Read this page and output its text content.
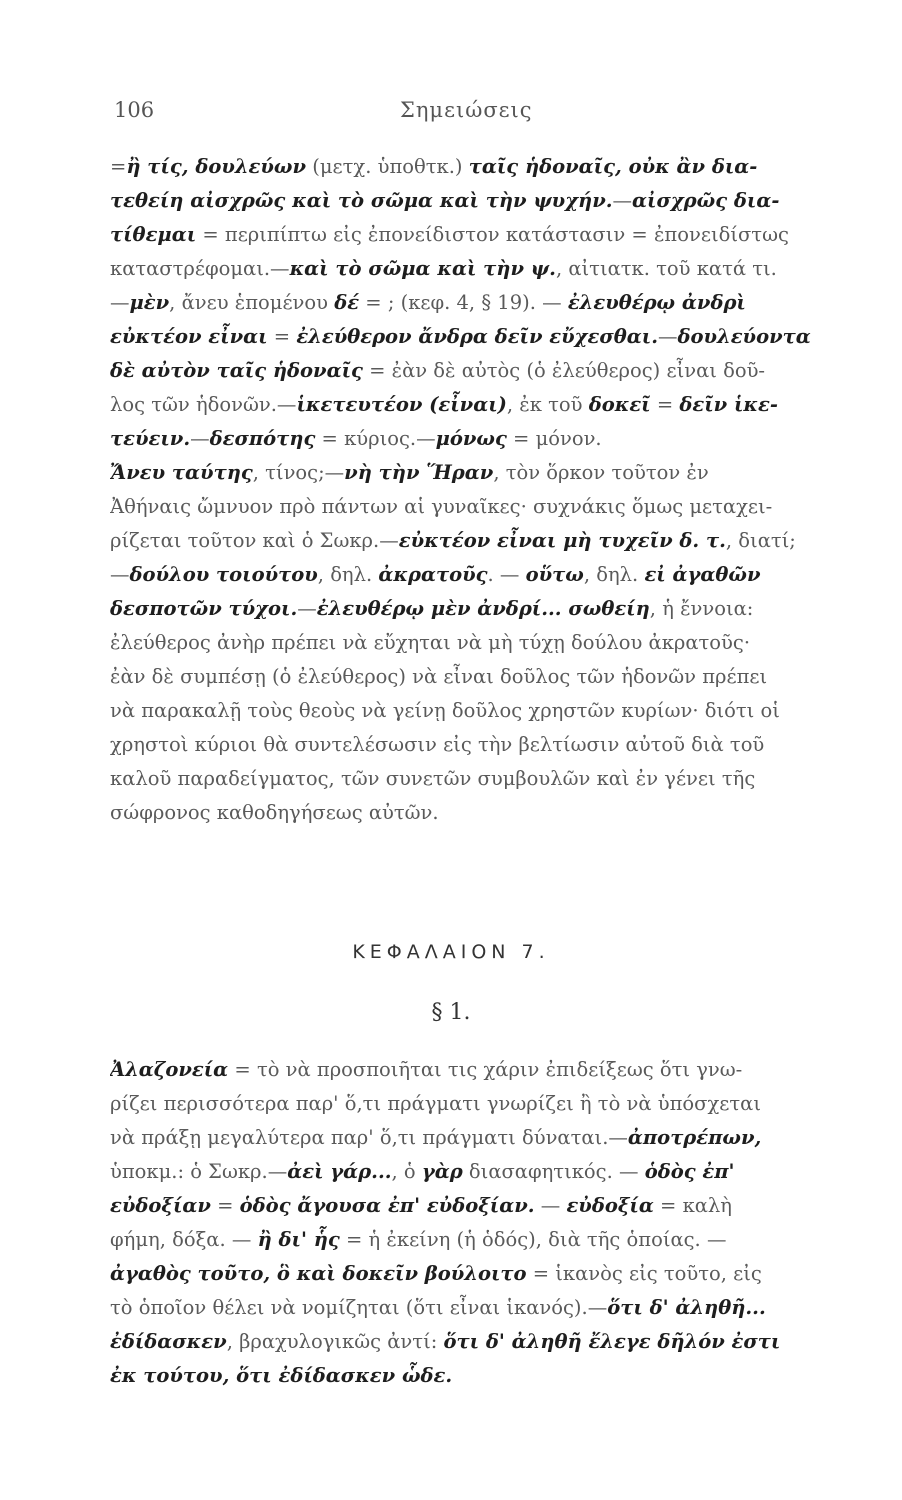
106	Σημειώσεις
=ἢ τίς, δουλεύων (μετχ. ὑποθτκ.) ταῖς ἡδοναῖς, οὐκ ἂν δια-
τεθείη αἰσχρῶς καὶ τὸ σῶμα καὶ τὴν ψυχήν.—αἰσχρῶς δια-
τίθεμαι = περιπίπτω εἰς ἐπονείδιστον κατάστασιν = ἐπονειδίστως
καταστρέφομαι.—καὶ τὸ σῶμα καὶ τὴν ψ., αἰτιατκ. τοῦ κατά τι.
—μὲν, ἄνευ ἑπομένου δέ = ; (κεφ. 4, § 19). — ἐλευθέρῳ ἀνδρὶ
εὐκτέον εἶναι = ἐλεύθερον ἄνδρα δεῖν εὔχεσθαι.—δουλεύοντα
δὲ αὐτὸν ταῖς ἡδοναῖς = ἐὰν δὲ αὐτὸς (ὁ ἐλεύθερος) εἶναι δοῦ-
λος τῶν ἡδονῶν.—ἱκετευτέον (εἶναι), ἐκ τοῦ δοκεῖ = δεῖν ἱκε-
τεύειν.—δεσπότης = κύριος.—μόνως = μόνον.
Ἄνευ ταύτης, τίνος;—νὴ τὴν Ἥραν, τὸν ὅρκον τοῦτον ἐν
Ἀθήναις ὤμνυον πρὸ πάντων αἱ γυναῖκες· συχνάκις ὅμως μεταχει-
ρίζεται τοῦτον καὶ ὁ Σωκρ.—εὐκτέον εἶναι μὴ τυχεῖν δ. τ., διατί;
—δούλου τοιούτου, δηλ. ἀκρατοῦς. — οὕτω, δηλ. εἰ ἀγαθῶν
δεσποτῶν τύχοι.—ἐλευθέρῳ μὲν ἀνδρί... σωθείη, ἡ ἔννοια:
ἐλεύθερος ἀνὴρ πρέπει νὰ εὔχηται νὰ μὴ τύχῃ δούλου ἀκρατοῦς·
ἐὰν δὲ συμπέσῃ (ὁ ἐλεύθερος) νὰ εἶναι δοῦλος τῶν ἡδονῶν πρέπει
νὰ παρακαλῇ τοὺς θεοὺς νὰ γείνῃ δοῦλος χρηστῶν κυρίων· διότι οἱ
χρηστοὶ κύριοι θὰ συντελέσωσιν εἰς τὴν βελτίωσιν αὐτοῦ διὰ τοῦ
καλοῦ παραδείγματος, τῶν συνετῶν συμβουλῶν καὶ ἐν γένει τῆς
σώφρονος καθοδηγήσεως αὐτῶν.
ΚΕΦΑΛΑΙΟΝ 7.
§ 1.
Ἀλαζονεία = τὸ νὰ προσποιῆται τις χάριν ἐπιδείξεως ὅτι γνω-
ρίζει περισσότερα παρ' ὅ,τι πράγματι γνωρίζει ἢ τὸ νὰ ὑπόσχεται
νὰ πράξῃ μεγαλύτερα παρ' ὅ,τι πράγματι δύναται.—ἀποτρέπων,
ὑποκμ.: ὁ Σωκρ.—ἀεὶ γάρ..., ὁ γὰρ διασαφητικός. — ὁδὸς ἐπ'
εὐδοξίαν = ὁδὸς ἄγουσα ἐπ' εὐδοξίαν. — εὐδοξία = καλὴ
φήμη, δόξα. — ἢ δι' ἧς = ἡ ἐκείνη (ἡ ὁδός), διὰ τῆς ὁποίας. —
ἀγαθὸς τοῦτο, ὃ καὶ δοκεῖν βούλοιτο = ἱκανὸς εἰς τοῦτο, εἰς
τὸ ὁποῖον θέλει νὰ νομίζηται (ὅτι εἶναι ἱκανός).—ὅτι δ' ἀληθῆ...
ἐδίδασκεν, βραχυλογικῶς ἀντί: ὅτι δ' ἀληθῆ ἔλεγε δῆλόν ἐστι
ἐκ τούτου, ὅτι ἐδίδασκεν ὧδε.
